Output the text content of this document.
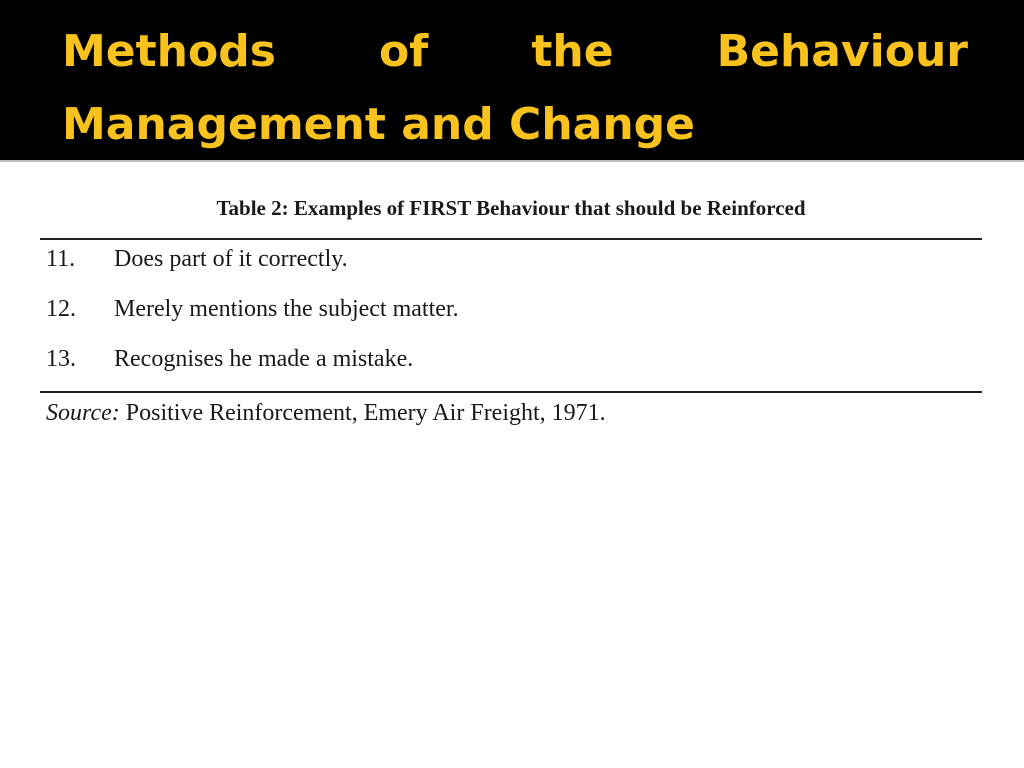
Methods of the Behaviour
Management and Change
Table 2: Examples of FIRST Behaviour that should be Reinforced
11. Does part of it correctly.
12. Merely mentions the subject matter.
13. Recognises he made a mistake.
Source: Positive Reinforcement, Emery Air Freight, 1971.
